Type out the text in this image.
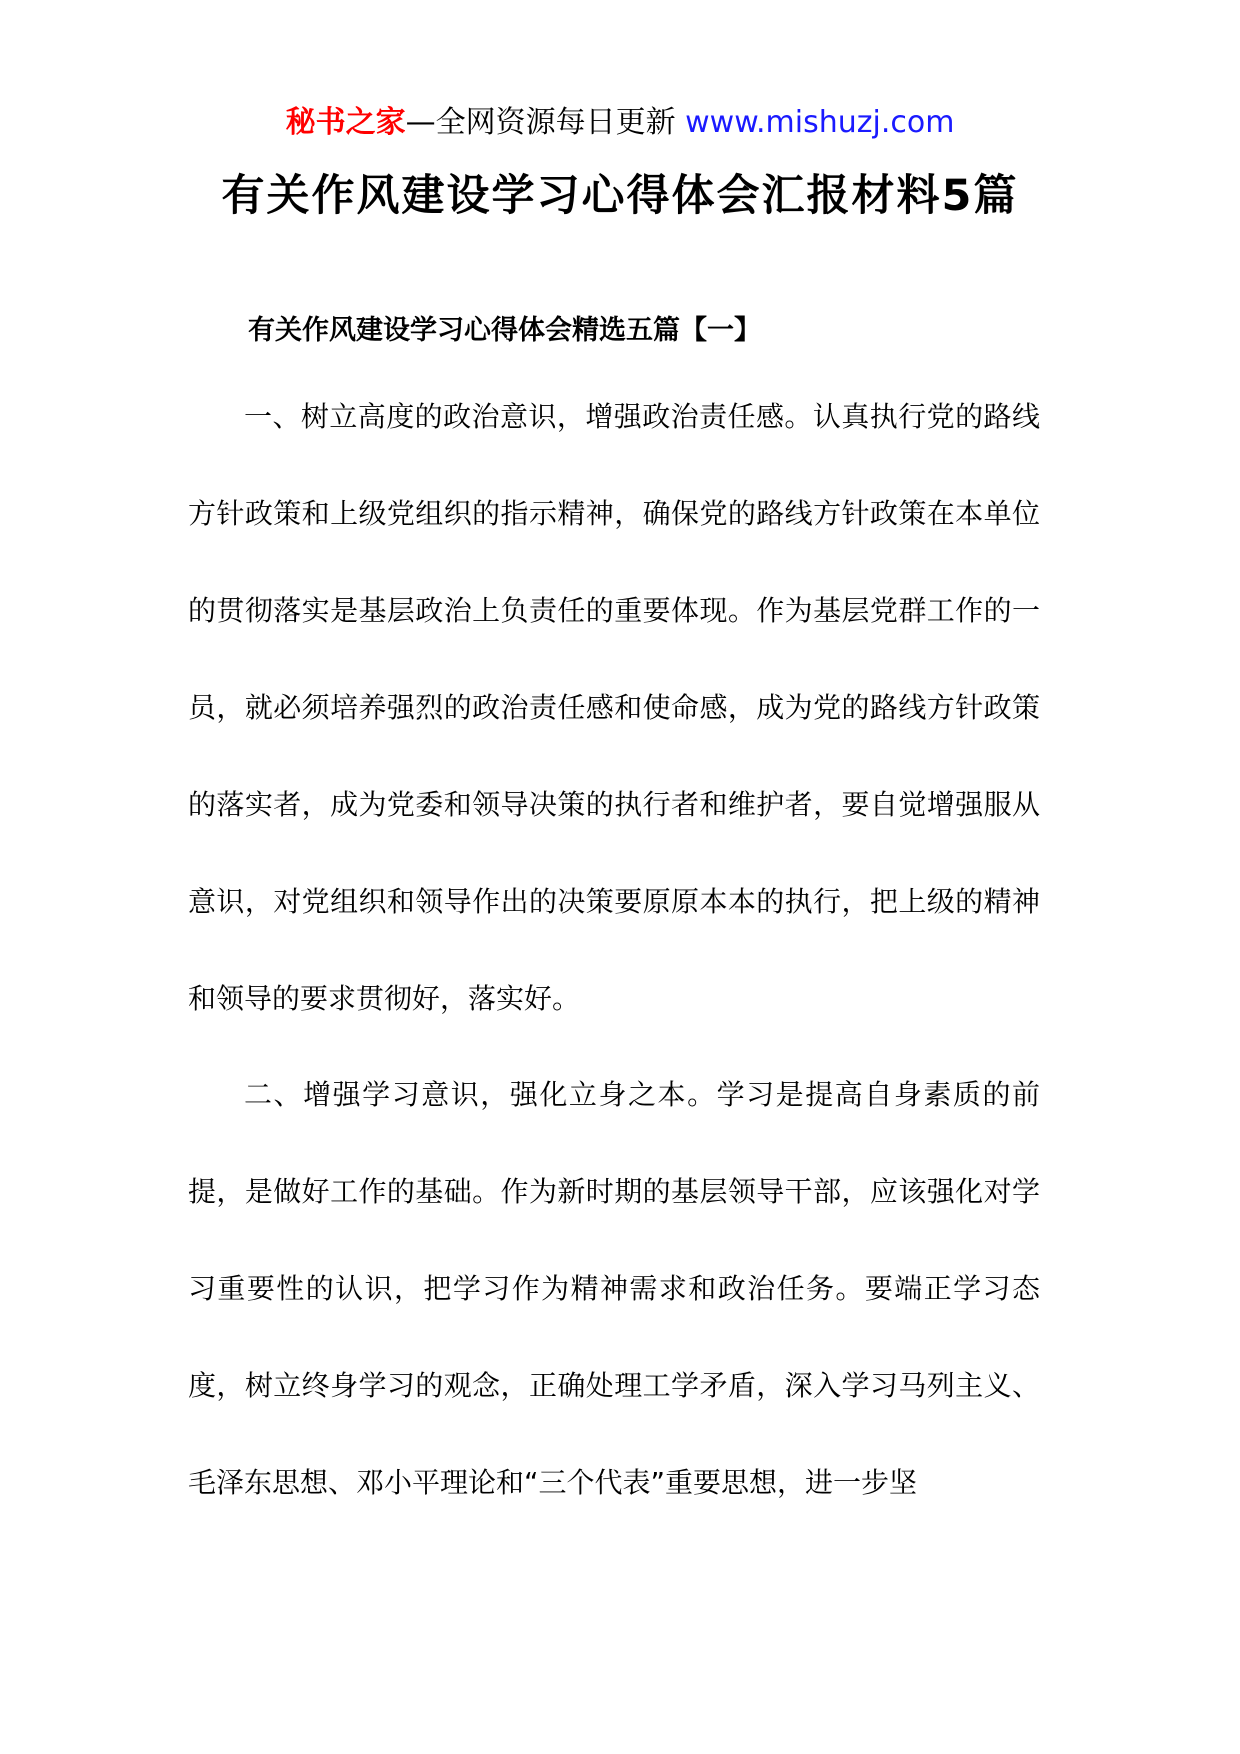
秘书之家—全网资源每日更新 www.mishuzj.com
有关作风建设学习心得体会汇报材料5篇
有关作风建设学习心得体会精选五篇【一】

一、树立高度的政治意识，增强政治责任感。认真执行党的路线方针政策和上级党组织的指示精神，确保党的路线方针政策在本单位的贯彻落实是基层政治上负责任的重要体现。作为基层党群工作的一员，就必须培养强烈的政治责任感和使命感，成为党的路线方针政策的落实者，成为党委和领导决策的执行者和维护者，要自觉增强服从意识，对党组织和领导作出的决策要原原本本的执行，把上级的精神和领导的要求贯彻好，落实好。

二、增强学习意识，强化立身之本。学习是提高自身素质的前提，是做好工作的基础。作为新时期的基层领导干部，应该强化对学习重要性的认识，把学习作为精神需求和政治任务。要端正学习态度，树立终身学习的观念，正确处理工学矛盾，深入学习马列主义、毛泽东思想、邓小平理论和“三个代表”重要思想，进一步坚
